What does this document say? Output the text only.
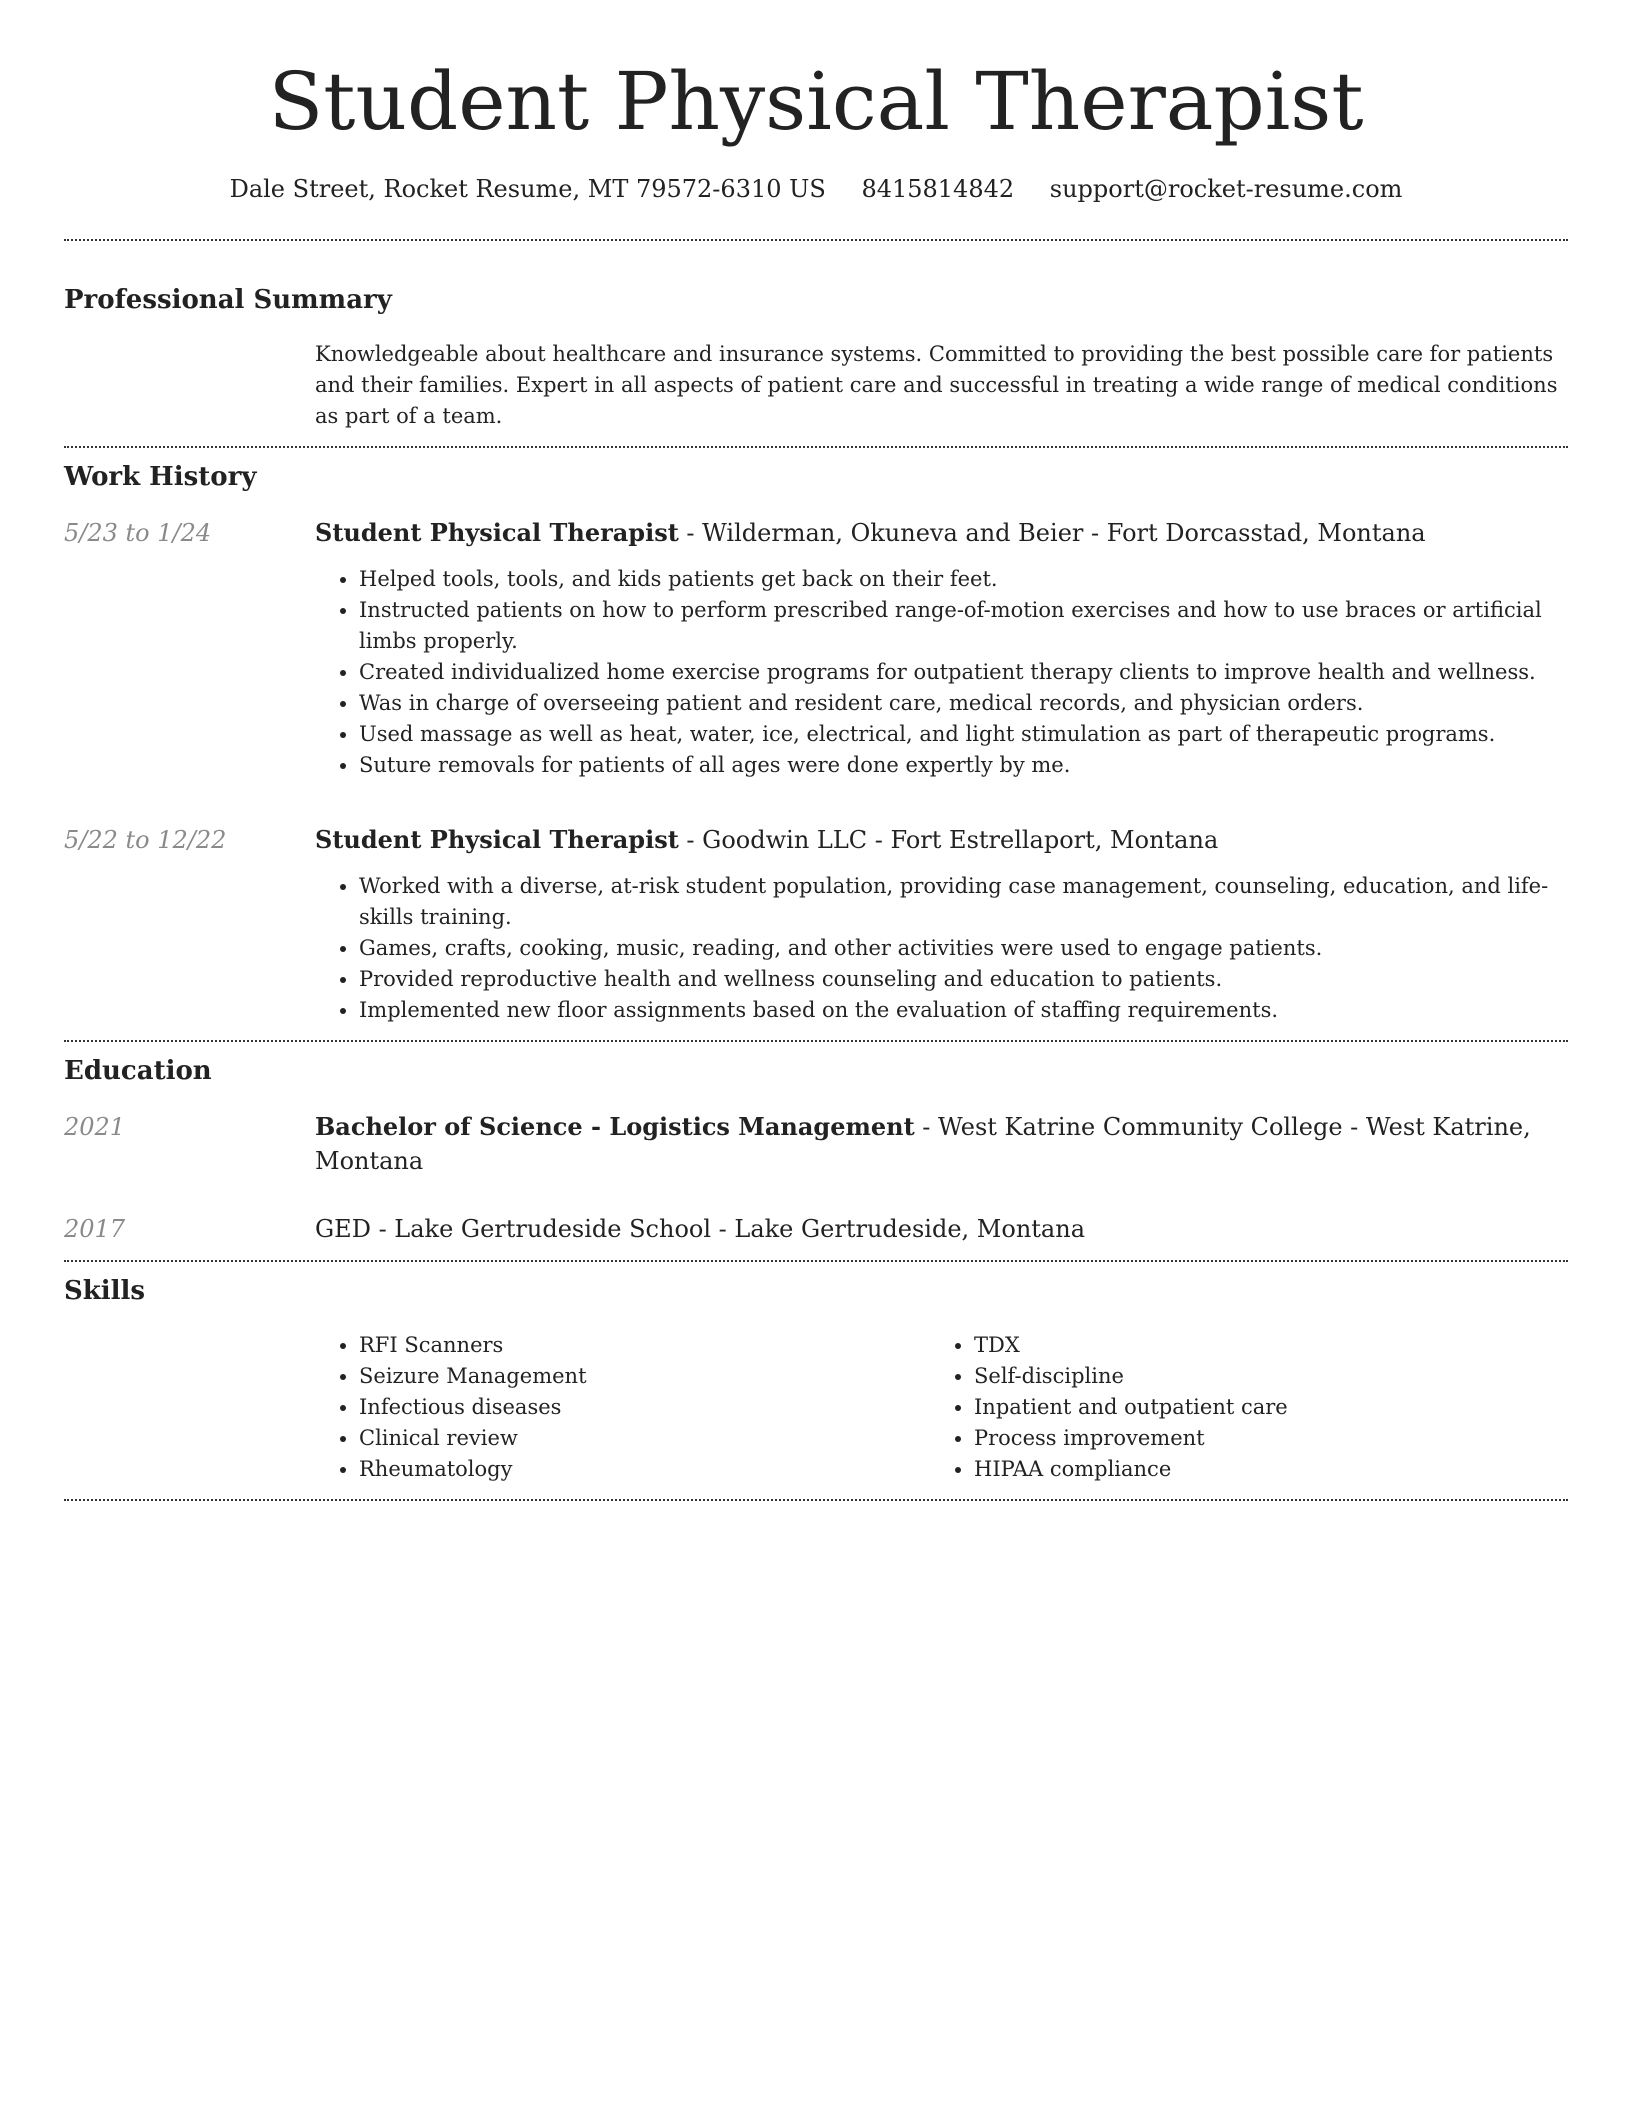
Student Physical Therapist
Dale Street, Rocket Resume, MT 79572-6310 US 8415814842 support@rocket-resume.com
Professional Summary
Knowledgeable about healthcare and insurance systems. Committed to providing the best possible care for patients and their families. Expert in all aspects of patient care and successful in treating a wide range of medical conditions as part of a team.
Work History
5/23 to 1/24	Student Physical Therapist - Wilderman, Okuneva and Beier - Fort Dorcasstad, Montana
• Helped tools, tools, and kids patients get back on their feet.
• Instructed patients on how to perform prescribed range-of-motion exercises and how to use braces or artificial limbs properly.
• Created individualized home exercise programs for outpatient therapy clients to improve health and wellness.
• Was in charge of overseeing patient and resident care, medical records, and physician orders.
• Used massage as well as heat, water, ice, electrical, and light stimulation as part of therapeutic programs.
• Suture removals for patients of all ages were done expertly by me.
5/22 to 12/22	Student Physical Therapist - Goodwin LLC - Fort Estrellaport, Montana
• Worked with a diverse, at-risk student population, providing case management, counseling, education, and life-skills training.
• Games, crafts, cooking, music, reading, and other activities were used to engage patients.
• Provided reproductive health and wellness counseling and education to patients.
• Implemented new floor assignments based on the evaluation of staffing requirements.
Education
2021	Bachelor of Science - Logistics Management - West Katrine Community College - West Katrine, Montana
2017	GED - Lake Gertrudeside School - Lake Gertrudeside, Montana
Skills
• RFI Scanners
• Seizure Management
• Infectious diseases
• Clinical review
• Rheumatology
• TDX
• Self-discipline
• Inpatient and outpatient care
• Process improvement
• HIPAA compliance
